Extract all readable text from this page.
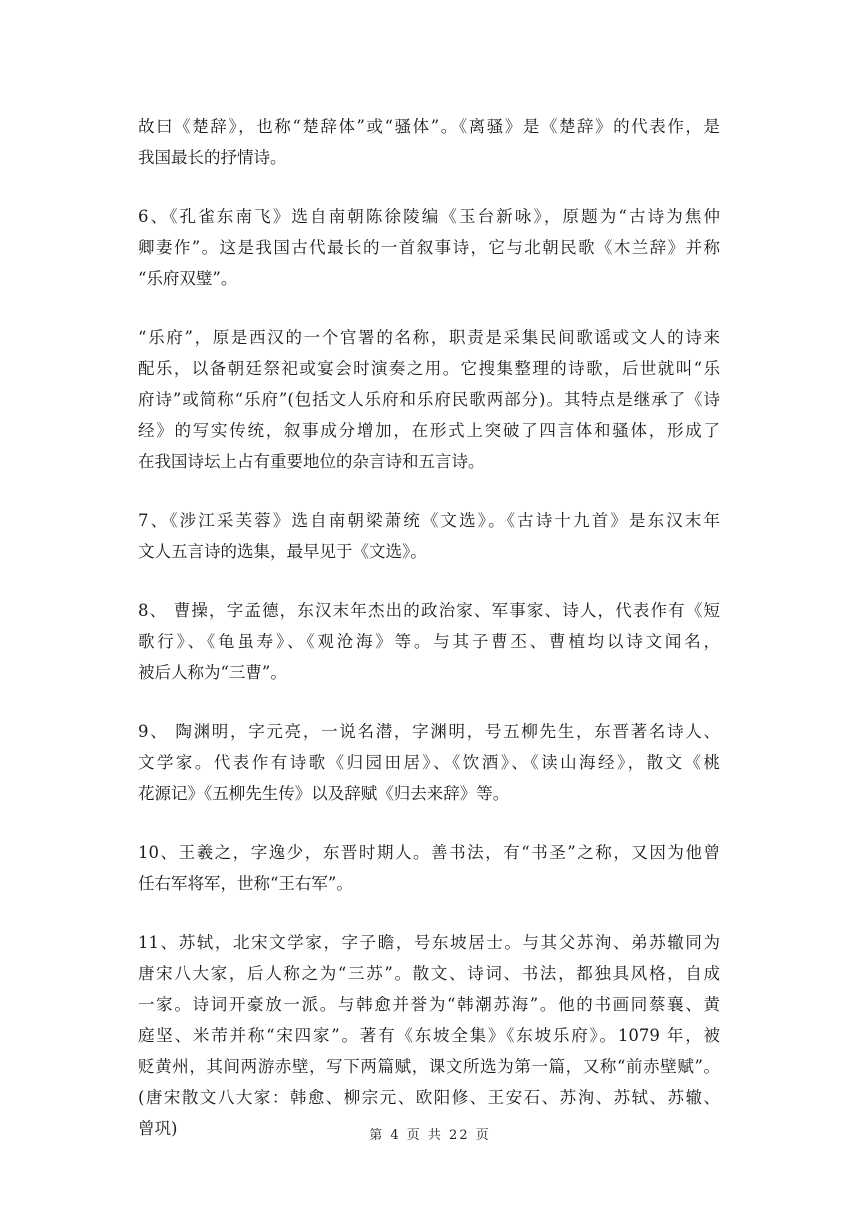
故曰《楚辞》，也称“楚辞体”或“骚体”。《离骚》是《楚辞》的代表作，是
我国最长的抒情诗。
6、《孔雀东南飞》选自南朝陈徐陵编《玉台新咏》，原题为“古诗为焦仲
卿妻作”。这是我国古代最长的一首叙事诗，它与北朝民歌《木兰辞》并称
“乐府双璧”。
“乐府”，原是西汉的一个官署的名称，职责是采集民间歌谣或文人的诗来
配乐，以备朝廷祭祀或宴会时演奏之用。它搜集整理的诗歌，后世就叫“乐
府诗”或简称“乐府”(包括文人乐府和乐府民歌两部分)。其特点是继承了《诗
经》的写实传统，叙事成分增加，在形式上突破了四言体和骚体，形成了
在我国诗坛上占有重要地位的杂言诗和五言诗。
7、《涉江采芙蓉》选自南朝梁萧统《文选》。《古诗十九首》是东汉末年
文人五言诗的选集，最早见于《文选》。
8、 曹操，字孟德，东汉末年杰出的政治家、军事家、诗人，代表作有《短
歌行》、《龟虽寿》、《观沧海》等。与其子曹丕、曹植均以诗文闻名，
被后人称为“三曹”。
9、 陶渊明，字元亮，一说名潜，字渊明，号五柳先生，东晋著名诗人、
文学家。代表作有诗歌《归园田居》、《饮酒》、《读山海经》，散文《桃
花源记》《五柳先生传》以及辞赋《归去来辞》等。
10、王羲之，字逸少，东晋时期人。善书法，有“书圣”之称，又因为他曾
任右军将军，世称“王右军”。
11、苏轼，北宋文学家，字子瞻，号东坡居士。与其父苏洵、弟苏辙同为
唐宋八大家，后人称之为“三苏”。散文、诗词、书法，都独具风格，自成
一家。诗词开豪放一派。与韩愈并誉为“韩潮苏海”。他的书画同蔡襄、黄
庭坚、米芾并称“宋四家”。著有《东坡全集》《东坡乐府》。1079 年，被
贬黄州，其间两游赤壁，写下两篇赋，课文所选为第一篇，又称“前赤壁赋”。
(唐宋散文八大家：韩愈、柳宗元、欧阳修、王安石、苏洵、苏轼、苏辙、
曾巩)	第 4 页 共 22 页
